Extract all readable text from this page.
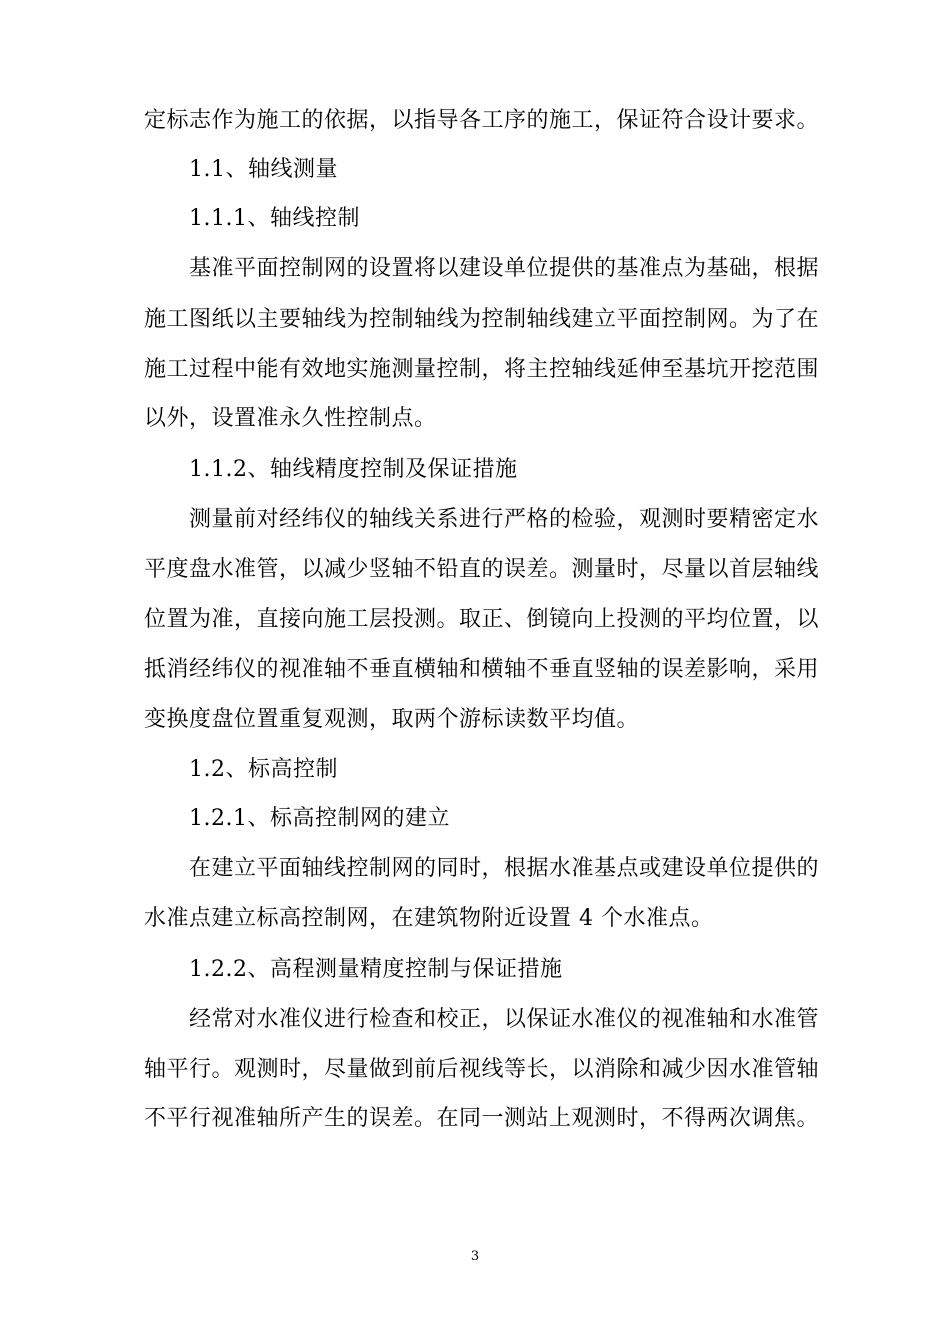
定标志作为施工的依据，以指导各工序的施工，保证符合设计要求。
1.1、轴线测量
1.1.1、轴线控制
基准平面控制网的设置将以建设单位提供的基准点为基础，根据
施工图纸以主要轴线为控制轴线为控制轴线建立平面控制网。为了在
施工过程中能有效地实施测量控制，将主控轴线延伸至基坑开挖范围
以外，设置准永久性控制点。
1.1.2、轴线精度控制及保证措施
测量前对经纬仪的轴线关系进行严格的检验，观测时要精密定水
平度盘水准管，以减少竖轴不铅直的误差。测量时，尽量以首层轴线
位置为准，直接向施工层投测。取正、倒镜向上投测的平均位置，以
抵消经纬仪的视准轴不垂直横轴和横轴不垂直竖轴的误差影响，采用
变换度盘位置重复观测，取两个游标读数平均值。
1.2、标高控制
1.2.1、标高控制网的建立
在建立平面轴线控制网的同时，根据水准基点或建设单位提供的
水准点建立标高控制网，在建筑物附近设置 4 个水准点。
1.2.2、高程测量精度控制与保证措施
经常对水准仪进行检查和校正，以保证水准仪的视准轴和水准管
轴平行。观测时，尽量做到前后视线等长，以消除和减少因水准管轴
不平行视准轴所产生的误差。在同一测站上观测时，不得两次调焦。
3
